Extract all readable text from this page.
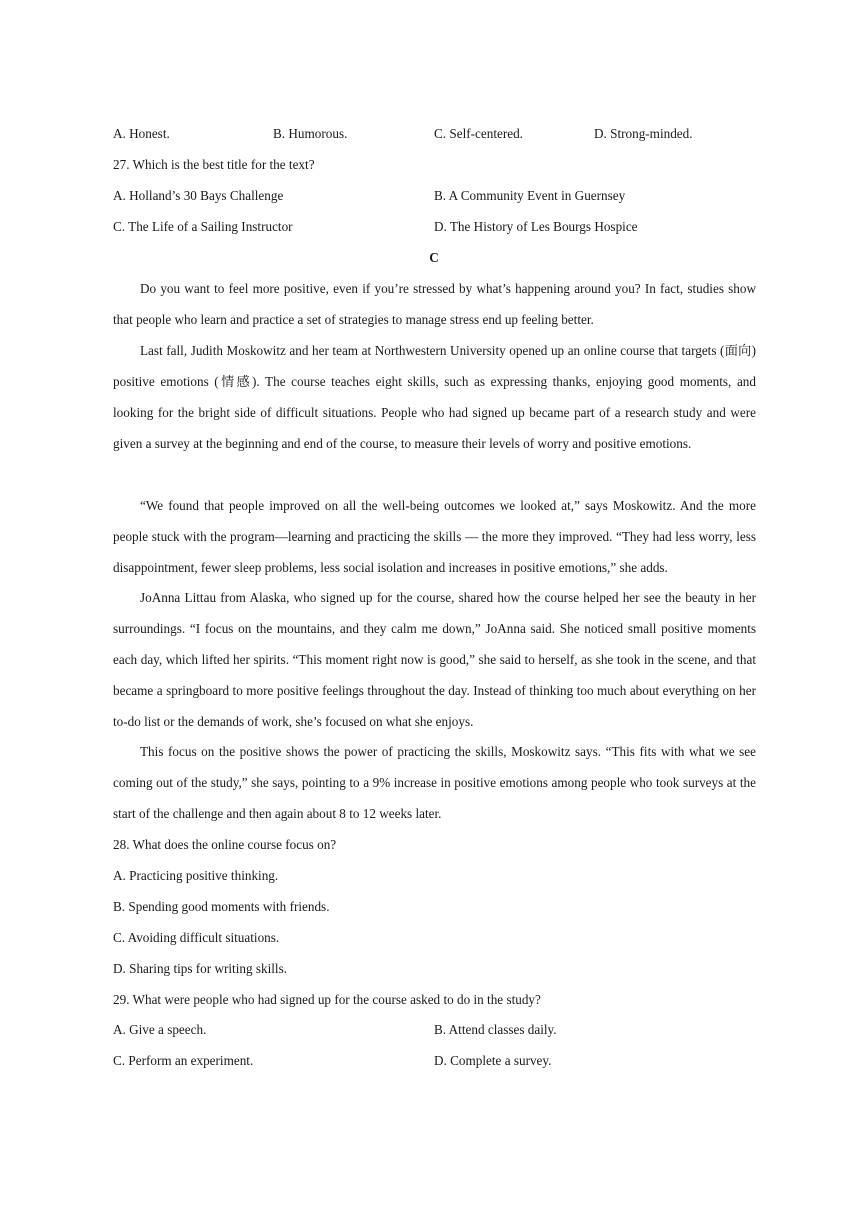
A. Honest.	B. Humorous.	C. Self-centered.	D. Strong-minded.
27. Which is the best title for the text?
A. Holland’s 30 Bays Challenge	B. A Community Event in Guernsey
C. The Life of a Sailing Instructor	D. The History of Les Bourgs Hospice
C
Do you want to feel more positive, even if you’re stressed by what’s happening around you? In fact, studies show that people who learn and practice a set of strategies to manage stress end up feeling better.
Last fall, Judith Moskowitz and her team at Northwestern University opened up an online course that targets (面向) positive emotions (情感). The course teaches eight skills, such as expressing thanks, enjoying good moments, and looking for the bright side of difficult situations. People who had signed up became part of a research study and were given a survey at the beginning and end of the course, to measure their levels of worry and positive emotions.
“We found that people improved on all the well-being outcomes we looked at,” says Moskowitz. And the more people stuck with the program—learning and practicing the skills — the more they improved. “They had less worry, less disappointment, fewer sleep problems, less social isolation and increases in positive emotions,” she adds.
JoAnna Littau from Alaska, who signed up for the course, shared how the course helped her see the beauty in her surroundings. “I focus on the mountains, and they calm me down,” JoAnna said. She noticed small positive moments each day, which lifted her spirits. “This moment right now is good,” she said to herself, as she took in the scene, and that became a springboard to more positive feelings throughout the day. Instead of thinking too much about everything on her to-do list or the demands of work, she’s focused on what she enjoys.
This focus on the positive shows the power of practicing the skills, Moskowitz says. “This fits with what we see coming out of the study,” she says, pointing to a 9% increase in positive emotions among people who took surveys at the start of the challenge and then again about 8 to 12 weeks later.
28. What does the online course focus on?
A. Practicing positive thinking.
B. Spending good moments with friends.
C. Avoiding difficult situations.
D. Sharing tips for writing skills.
29. What were people who had signed up for the course asked to do in the study?
A. Give a speech.	B. Attend classes daily.
C. Perform an experiment.	D. Complete a survey.
